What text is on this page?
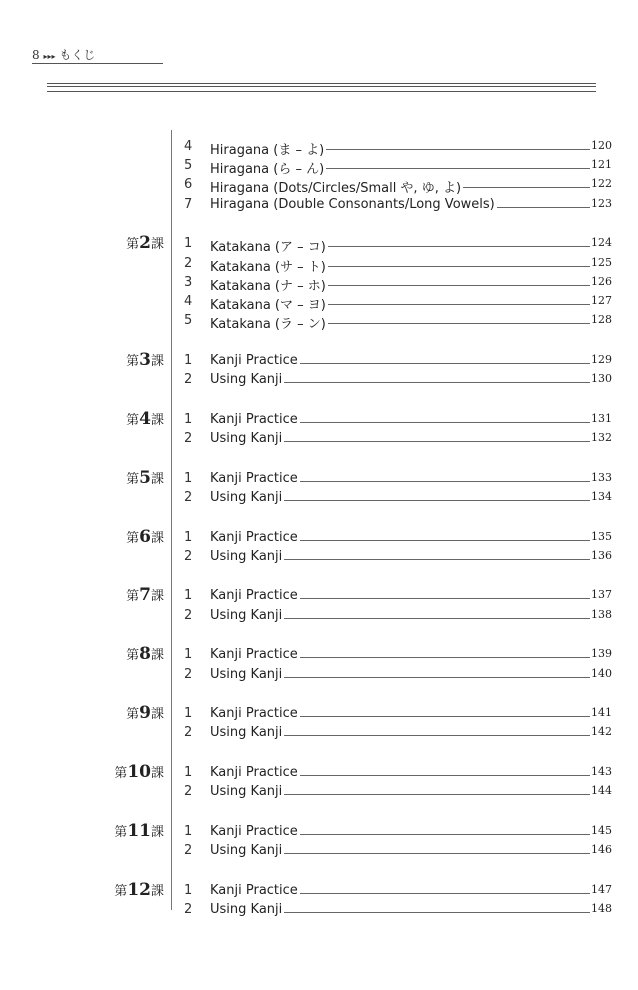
8 ▸▸▸ もくじ
4	Hiragana (ま – よ)	120
5	Hiragana (ら – ん)	121
6	Hiragana (Dots/Circles/Small や, ゆ, よ)	122
7	Hiragana (Double Consonants/Long Vowels)	123
第2課 1	Katakana (ア – コ)	124
2	Katakana (サ – ト)	125
3	Katakana (ナ – ホ)	126
4	Katakana (マ – ヨ)	127
5	Katakana (ラ – ン)	128
第3課 1	Kanji Practice	129
2	Using Kanji	130
第4課 1	Kanji Practice	131
2	Using Kanji	132
第5課 1	Kanji Practice	133
2	Using Kanji	134
第6課 1	Kanji Practice	135
2	Using Kanji	136
第7課 1	Kanji Practice	137
2	Using Kanji	138
第8課 1	Kanji Practice	139
2	Using Kanji	140
第9課 1	Kanji Practice	141
2	Using Kanji	142
第10課 1	Kanji Practice	143
2	Using Kanji	144
第11課 1	Kanji Practice	145
2	Using Kanji	146
第12課 1	Kanji Practice	147
2	Using Kanji	148
